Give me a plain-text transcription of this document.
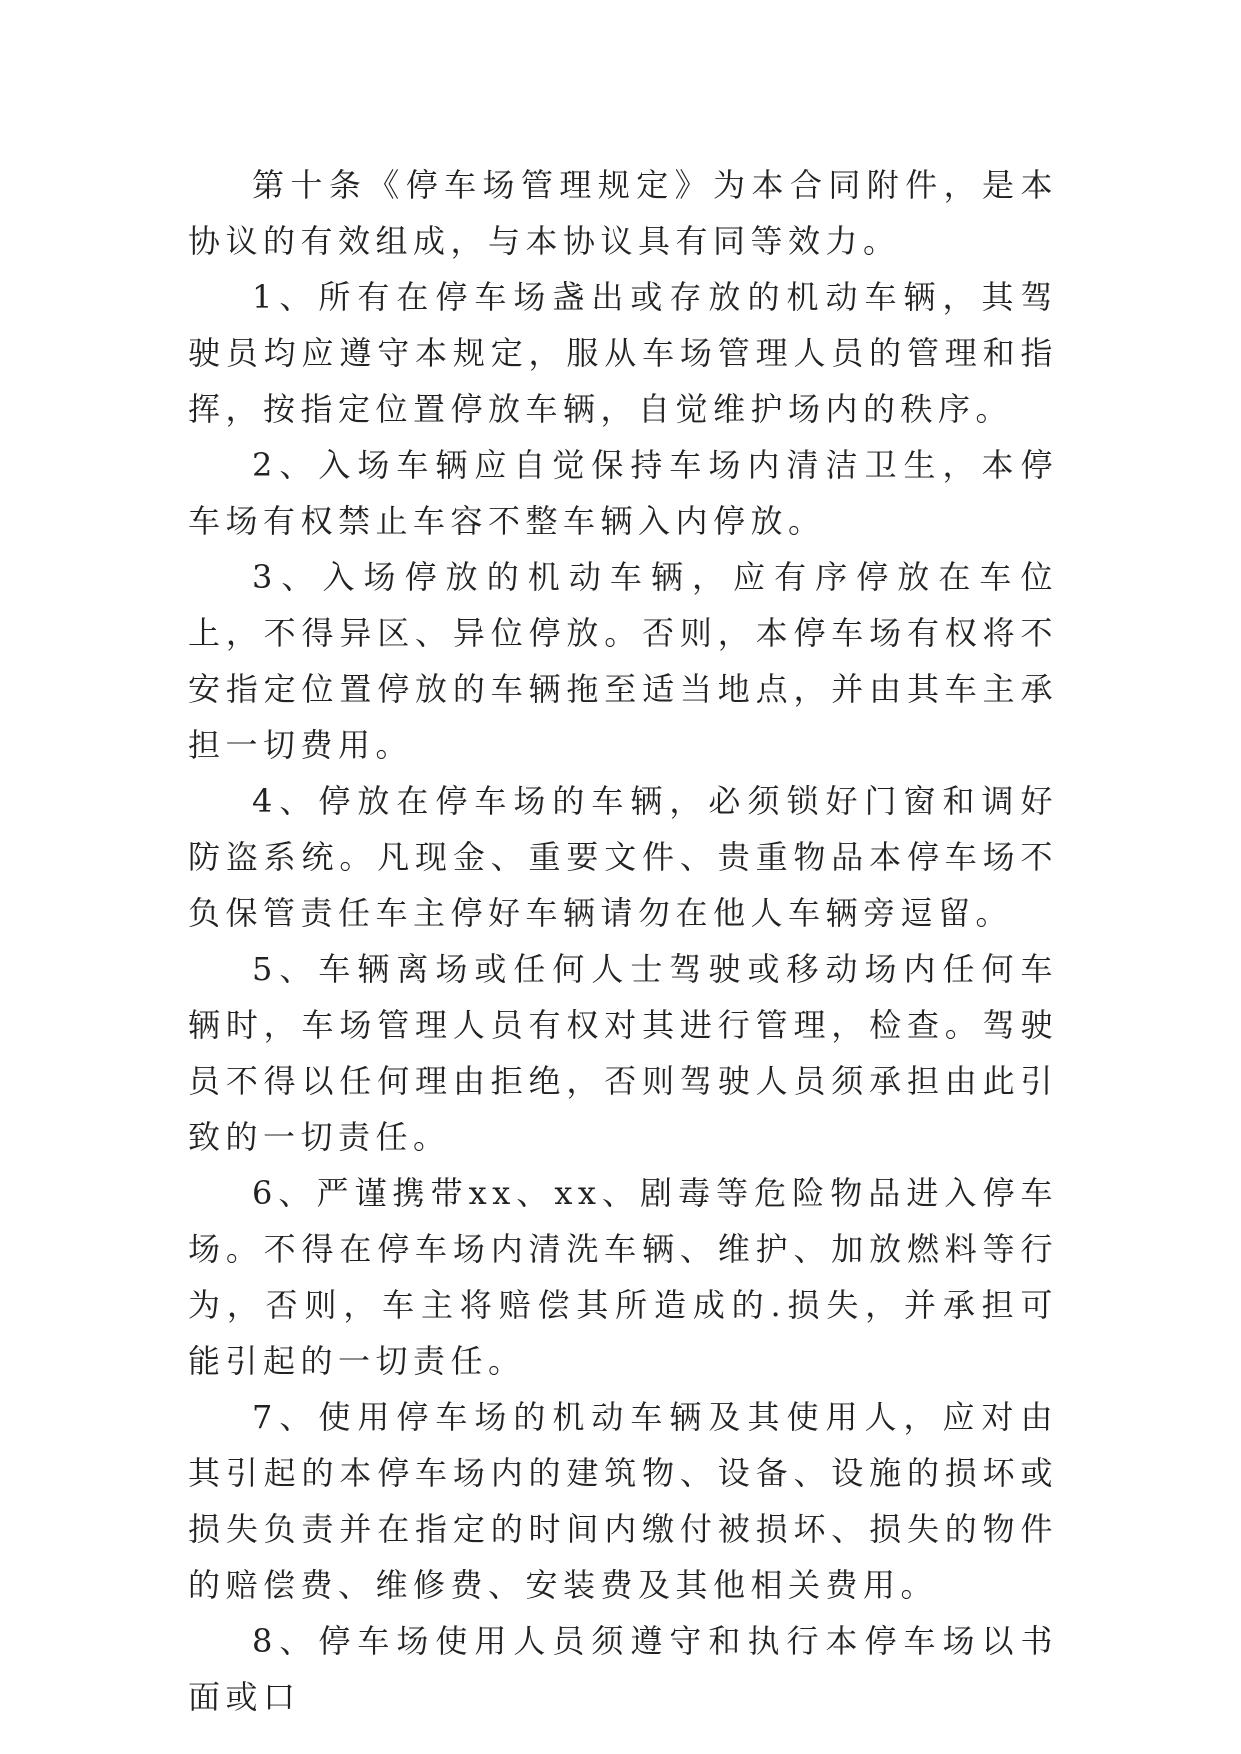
第十条《停车场管理规定》为本合同附件，是本协议的有效组成，与本协议具有同等效力。

1、所有在停车场盏出或存放的机动车辆，其驾驶员均应遵守本规定，服从车场管理人员的管理和指挥，按指定位置停放车辆，自觉维护场内的秩序。

2、入场车辆应自觉保持车场内清洁卫生，本停车场有权禁止车容不整车辆入内停放。

3、入场停放的机动车辆，应有序停放在车位上，不得异区、异位停放。否则，本停车场有权将不安指定位置停放的车辆拖至适当地点，并由其车主承担一切费用。

4、停放在停车场的车辆，必须锁好门窗和调好防盗系统。凡现金、重要文件、贵重物品本停车场不负保管责任车主停好车辆请勿在他人车辆旁逗留。

5、车辆离场或任何人士驾驶或移动场内任何车辆时，车场管理人员有权对其进行管理，检查。驾驶员不得以任何理由拒绝，否则驾驶人员须承担由此引致的一切责任。

6、严谨携带xx、xx、剧毒等危险物品进入停车场。不得在停车场内清洗车辆、维护、加放燃料等行为，否则，车主将赔偿其所造成的.损失，并承担可能引起的一切责任。

7、使用停车场的机动车辆及其使用人，应对由其引起的本停车场内的建筑物、设备、设施的损坏或损失负责并在指定的时间内缴付被损坏、损失的物件的赔偿费、维修费、安装费及其他相关费用。

8、停车场使用人员须遵守和执行本停车场以书面或口
